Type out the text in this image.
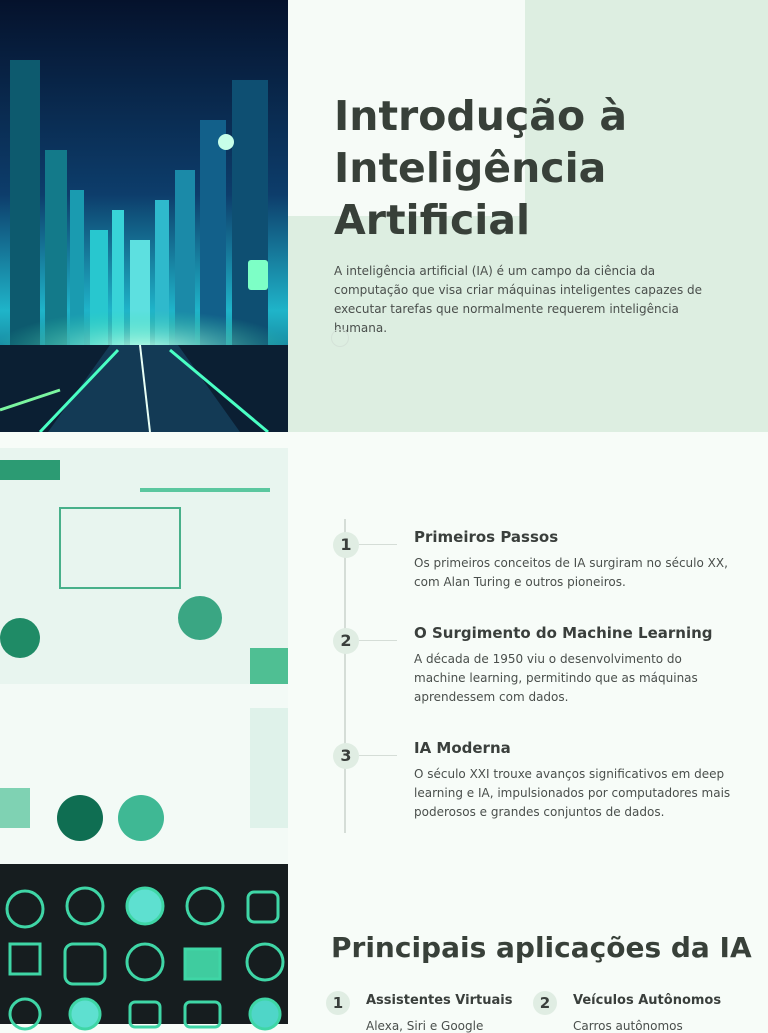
Introdução à Inteligência Artificial

A inteligência artificial (IA) é um campo da ciência da computação que visa criar máquinas inteligentes capazes de executar tarefas que normalmente requerem inteligência humana.

1	Primeiros Passos

Os primeiros conceitos de IA surgiram no século XX, com Alan Turing e outros pioneiros.

2	O Surgimento do Machine Learning

A década de 1950 viu o desenvolvimento do machine learning, permitindo que as máquinas aprendessem com dados.

3	IA Moderna

O século XXI trouxe avanços significativos em deep learning e IA, impulsionados por computadores mais poderosos e grandes conjuntos de dados.

Principais aplicações da IA
1	Assistentes Virtuais
Alexa, Siri e Google
2	Veículos Autônomos
Carros autônomos
